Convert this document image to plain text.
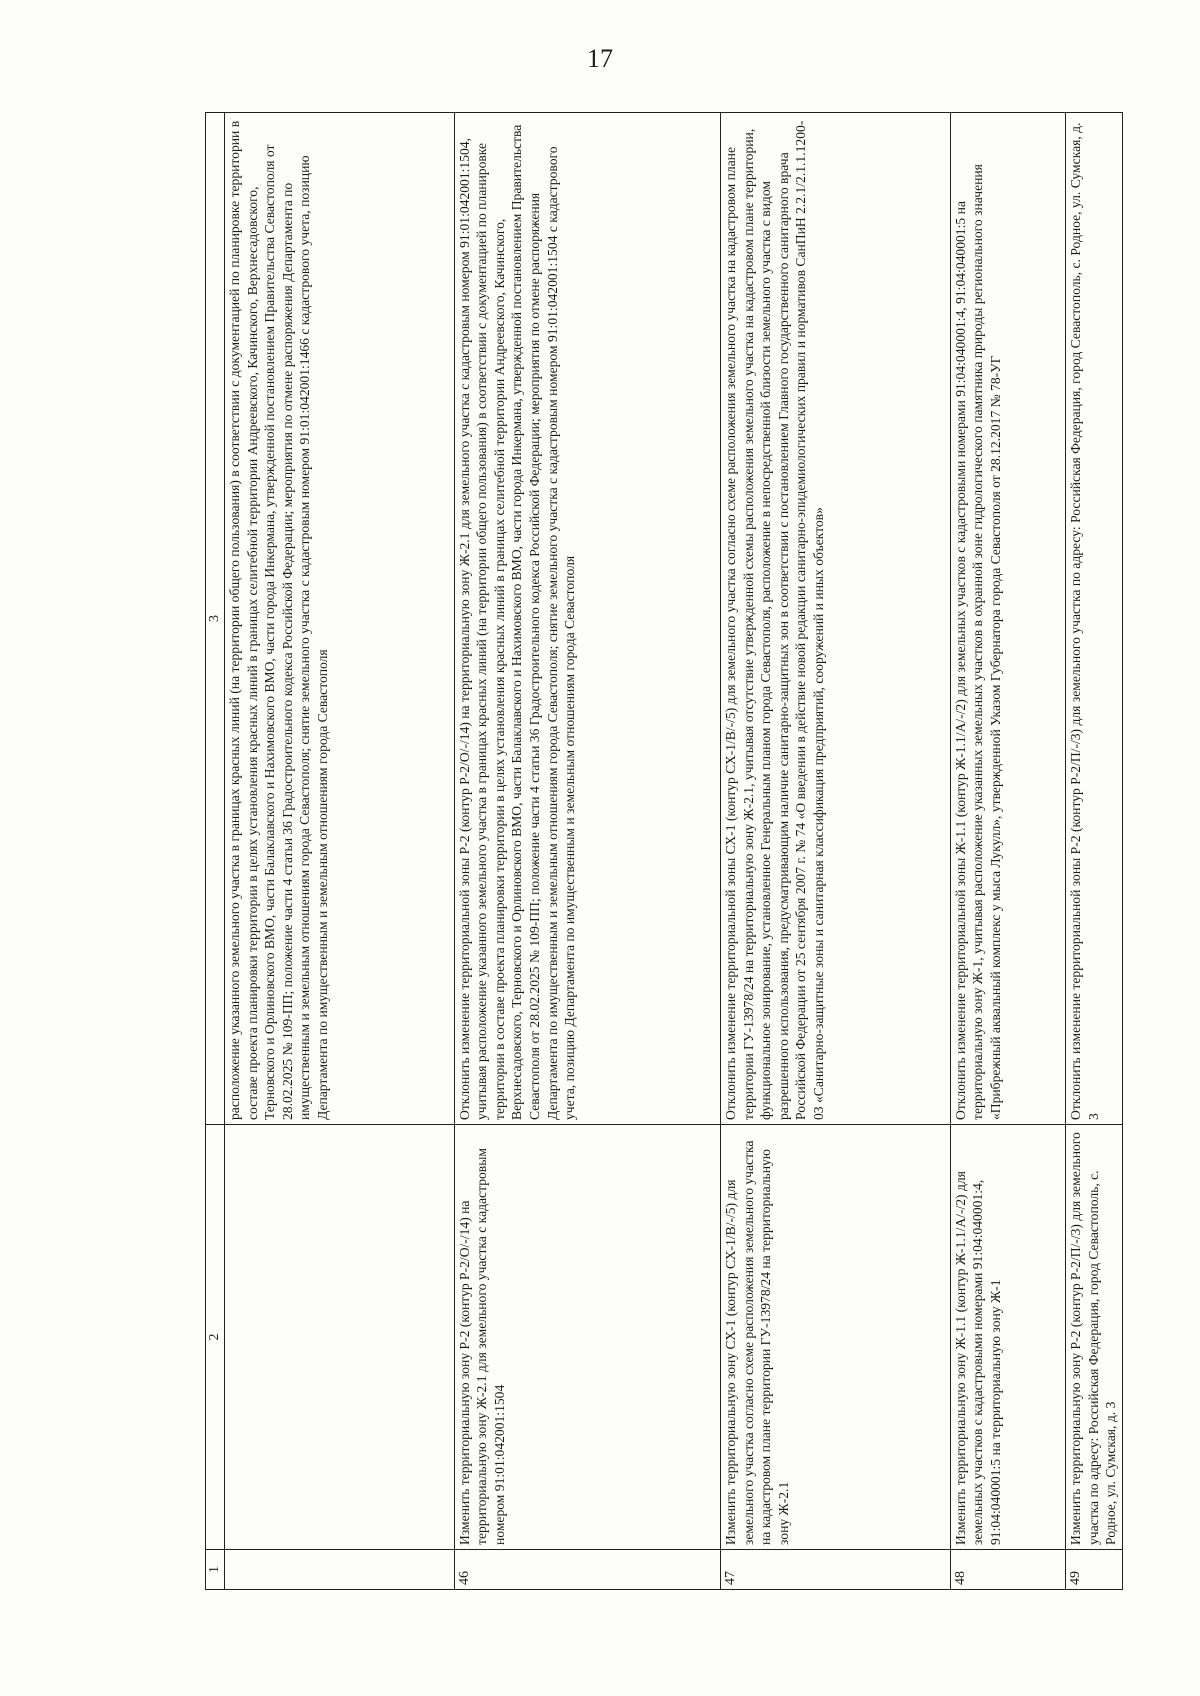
17
1	2	3
		расположение указанного земельного участка в границах красных линий (на территории общего пользования) в соответствии с документацией по планировке территории в составе проекта планировки территории в целях установления красных линий в границах селитебной территории Андреевского, Качинского, Верхнесадовского, Терновского и Орлиновского ВМО, части Балаклавского и Нахимовского ВМО, части города Инкермана, утвержденной постановлением Правительства Севастополя от 28.02.2025 № 109-ПП; положение части 4 статьи 36 Градостроительного кодекса Российской Федерации; мероприятия по отмене распоряжения Департамента по имущественным и земельным отношениям города Севастополя; снятие земельного участка с кадастровым номером 91:01:042001:1466 с кадастрового учета, позицию Департамента по имущественным и земельным отношениям города Севастополя
46	Изменить территориальную зону Р-2 (контур Р-2/О/-/14) на территориальную зону Ж-2.1 для земельного участка с кадастровым номером 91:01:042001:1504	Отклонить изменение территориальной зоны Р-2 (контур Р-2/О/-/14) на территориальную зону Ж-2.1 для земельного участка с кадастровым номером 91:01:042001:1504, учитывая расположение указанного земельного участка в границах красных линий (на территории общего пользования) в соответствии с документацией по планировке территории в составе проекта планировки территории в целях установления красных линий в границах селитебной территории Андреевского, Качинского, Верхнесадовского, Терновского и Орлиновского ВМО, части Балаклавского и Нахимовского ВМО, части города Инкермана, утвержденной постановлением Правительства Севастополя от 28.02.2025 № 109-ПП; положение части 4 статьи 36 Градостроительного кодекса Российской Федерации; мероприятия по отмене распоряжения Департамента по имущественным и земельным отношениям города Севастополя; снятие земельного участка с кадастровым номером 91:01:042001:1504 с кадастрового учета, позицию Департамента по имущественным и земельным отношениям города Севастополя
47	Изменить территориальную зону СХ-1 (контур СХ-1/В/-/5) для земельного участка согласно схеме расположения земельного участка на кадастровом плане территории ГУ-13978/24 на территориальную зону Ж-2.1	Отклонить изменение территориальной зоны СХ-1 (контур СХ-1/В/-/5) для земельного участка согласно схеме расположения земельного участка на кадастровом плане территории ГУ-13978/24 на территориальную зону Ж-2.1, учитывая отсутствие утвержденной схемы расположения земельного участка на кадастровом плане территории, функциональное зонирование, установленное Генеральным планом города Севастополя, расположение в непосредственной близости земельного участка с видом разрешенного использования, предусматривающим наличие санитарно-защитных зон в соответствии с постановлением Главного государственного санитарного врача Российской Федерации от 25 сентября 2007 г. № 74 «О введении в действие новой редакции санитарно-эпидемиологических правил и нормативов СанПиН 2.2.1/2.1.1.1200-03 «Санитарно-защитные зоны и санитарная классификация предприятий, сооружений и иных объектов»
48	Изменить территориальную зону Ж-1.1 (контур Ж-1.1/А/-/2) для земельных участков с кадастровыми номерами 91:04:040001:4, 91:04:040001:5 на территориальную зону Ж-1	Отклонить изменение территориальной зоны Ж-1.1 (контур Ж-1.1/А/-/2) для земельных участков с кадастровыми номерами 91:04:040001:4, 91:04:040001:5 на территориальную зону Ж-1, учитывая расположение указанных земельных участков в охранной зоне гидрологического памятника природы регионального значения «Прибрежный аквальный комплекс у мыса Лукулл», утвержденной Указом Губернатора города Севастополя от 28.12.2017 № 78-УГ
49	Изменить территориальную зону Р-2 (контур Р-2/П/-/3) для земельного участка по адресу: Российская Федерация, город Севастополь, с. Родное, ул. Сумская, д. 3	Отклонить изменение территориальной зоны Р-2 (контур Р-2/П/-/3) для земельного участка по адресу: Российская Федерация, город Севастополь, с. Родное, ул. Сумская, д. 3
